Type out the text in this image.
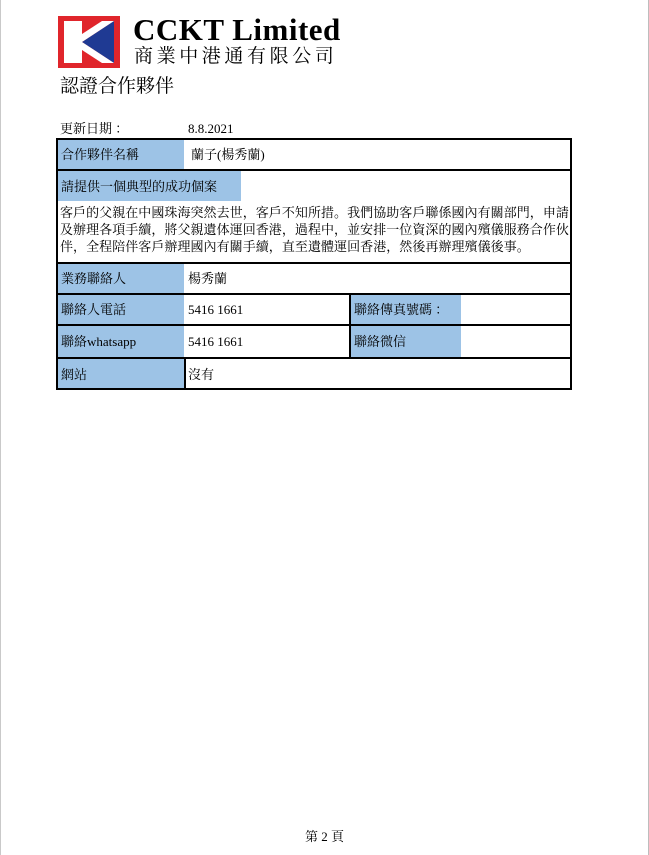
CCKT Limited
商業中港通有限公司
認證合作夥伴
更新日期 ：	8.8.2021
合作夥伴名稱	蘭子(楊秀蘭)
請提供一個典型的成功個案
客戶的父親在中國珠海突然去世，客戶不知所措。我們協助客戶聯係國內有關部門，申請
及辦理各項手續，將父親遺体運回香港，過程中，並安排一位資深的國內殯儀服務合作伙
伴，全程陪伴客戶辦理國內有關手續，直至遺體運回香港，然後再辦理殯儀後事。
業務聯絡人	楊秀蘭
聯絡人電話	5416 1661	聯絡傳真號碼 ：
聯絡whatsapp	5416 1661	聯絡微信
網站	沒有
第 2 頁
